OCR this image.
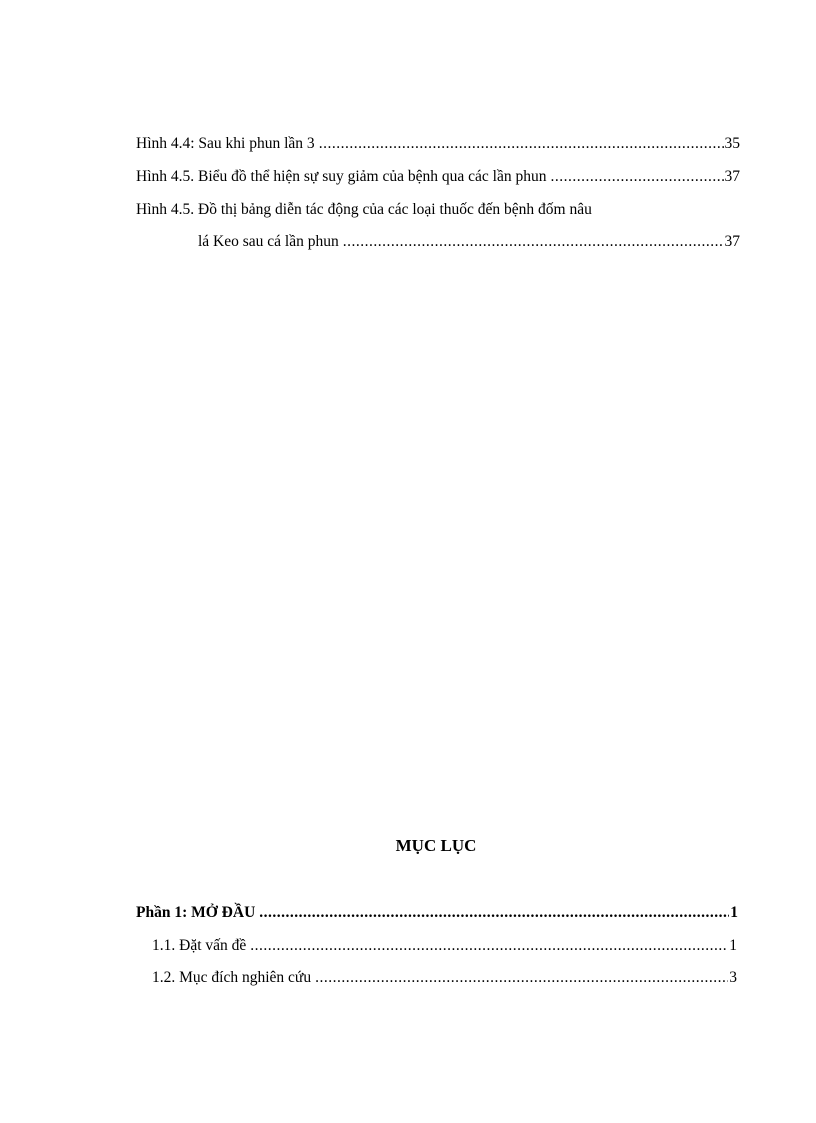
Hình 4.4: Sau khi phun lần 3 .....	35
Hình 4.5. Biểu đồ thể hiện sự suy giảm của bệnh qua các lần phun .....	37
Hình 4.5. Đồ thị bảng diễn tác động của các loại thuốc đến bệnh đốm nâu
lá Keo sau cá lần phun .....	37
MỤC LỤC
Phần 1: MỞ ĐẦU .....	1
1.1. Đặt vấn đề .....	1
1.2. Mục đích nghiên cứu .....	3
